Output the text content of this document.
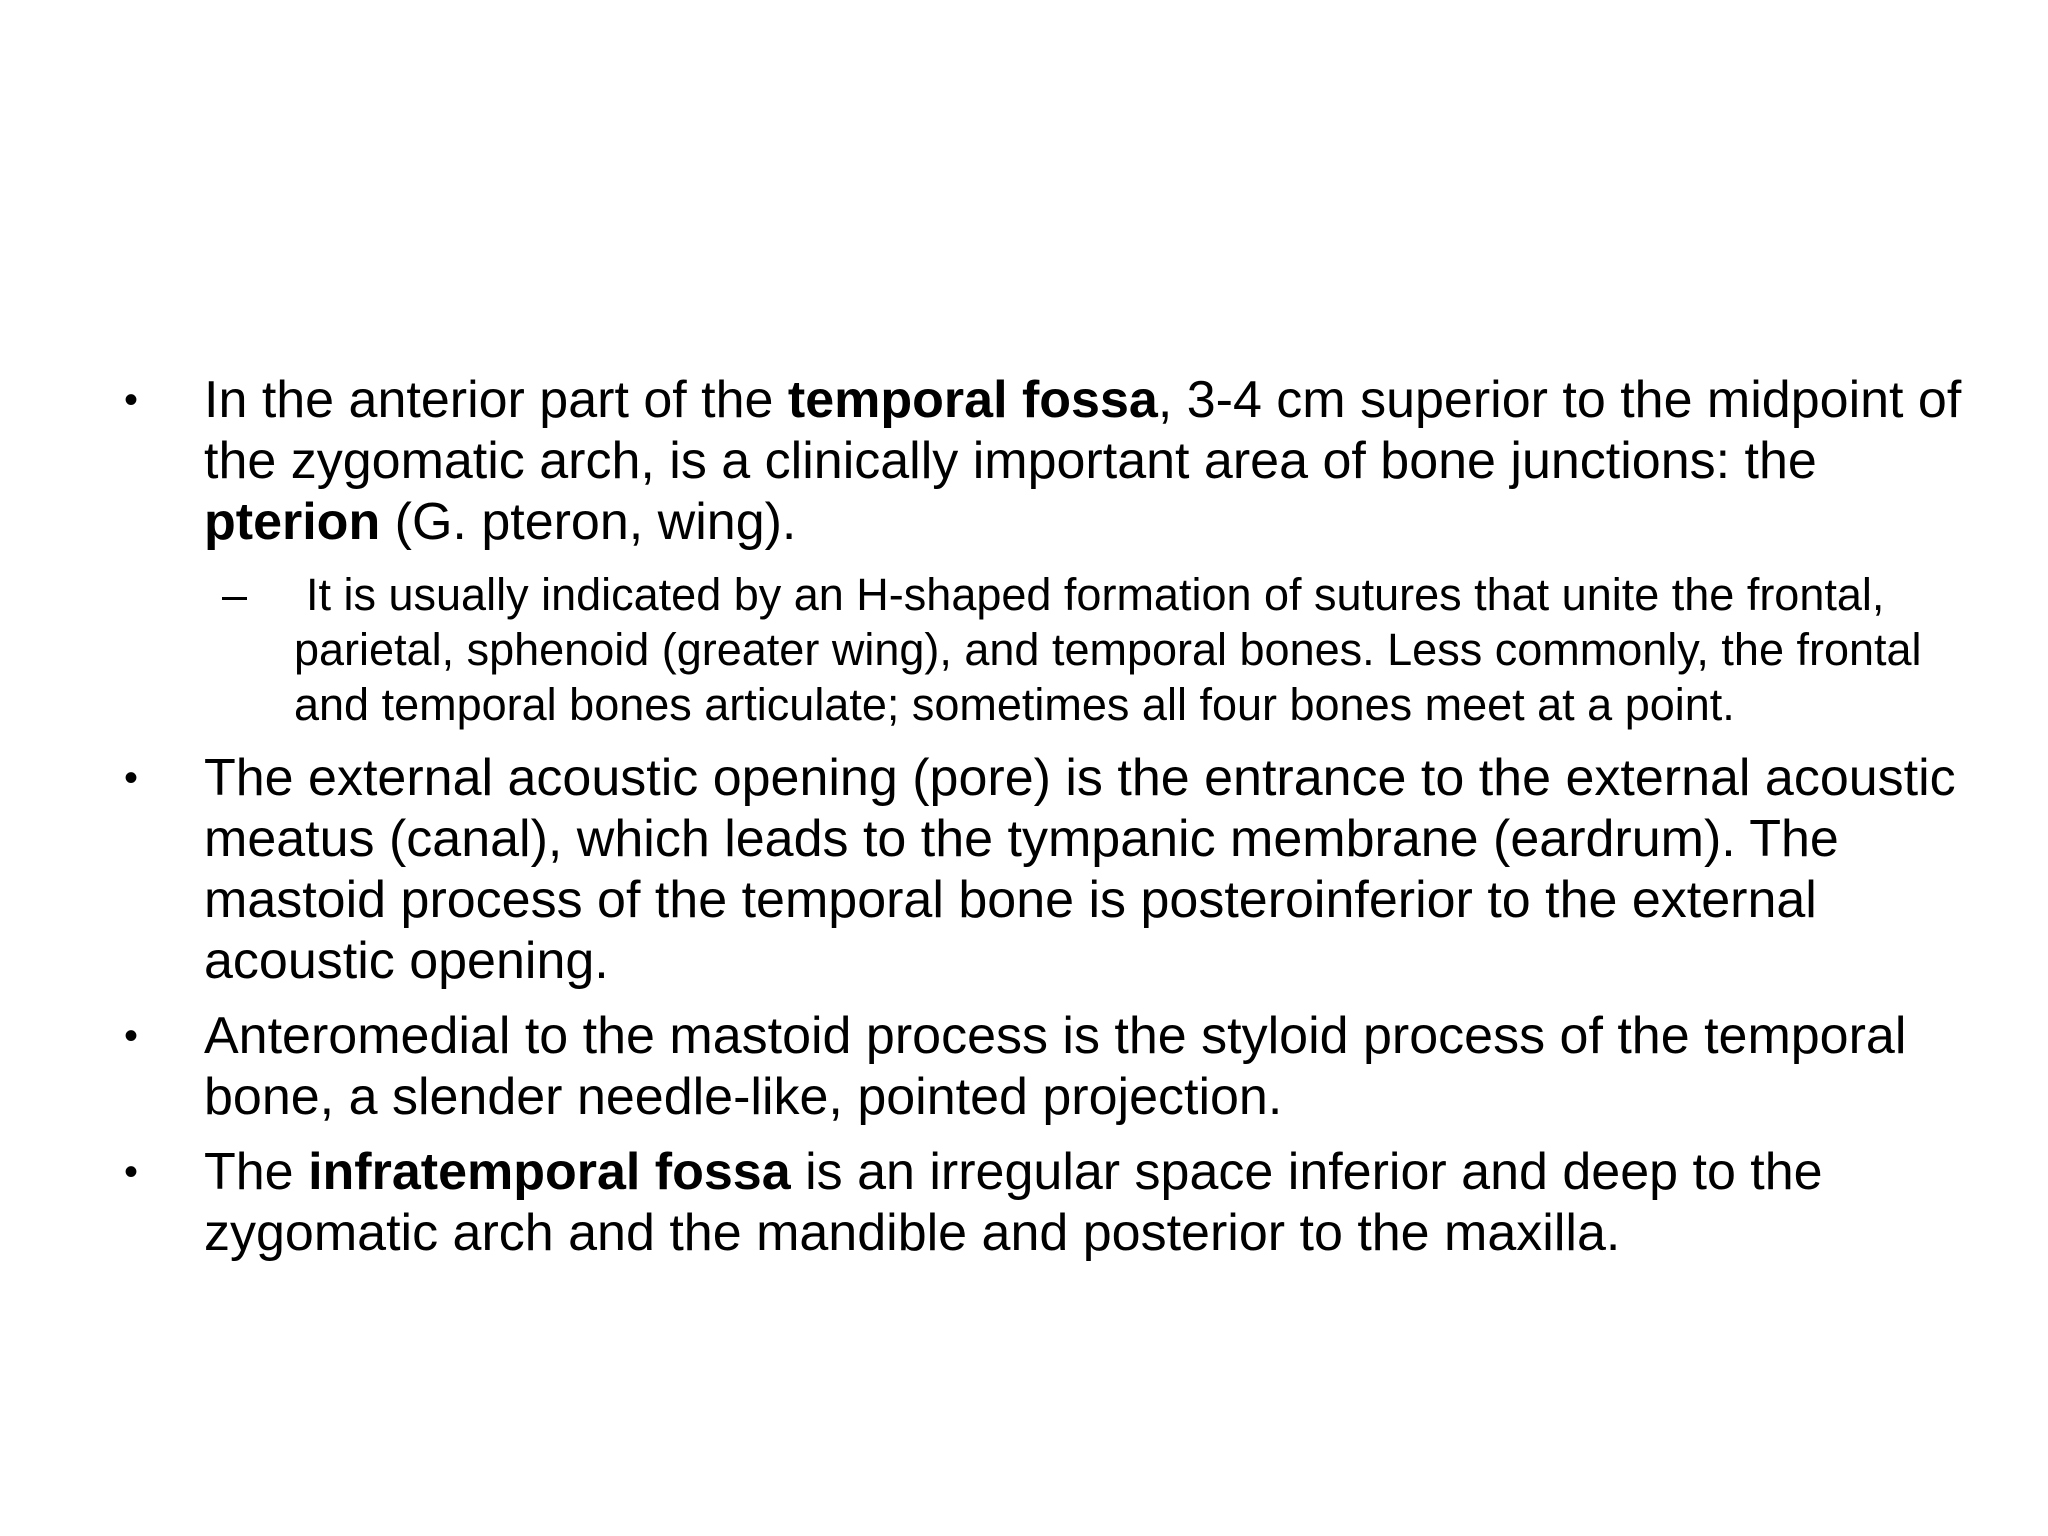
• In the anterior part of the temporal fossa, 3-4 cm superior to the midpoint of the zygomatic arch, is a clinically important area of bone junctions: the pterion (G. pteron, wing).
– It is usually indicated by an H-shaped formation of sutures that unite the frontal, parietal, sphenoid (greater wing), and temporal bones. Less commonly, the frontal and temporal bones articulate; sometimes all four bones meet at a point.
• The external acoustic opening (pore) is the entrance to the external acoustic meatus (canal), which leads to the tympanic membrane (eardrum). The mastoid process of the temporal bone is posteroinferior to the external acoustic opening.
• Anteromedial to the mastoid process is the styloid process of the temporal bone, a slender needle-like, pointed projection.
• The infratemporal fossa is an irregular space inferior and deep to the zygomatic arch and the mandible and posterior to the maxilla.
